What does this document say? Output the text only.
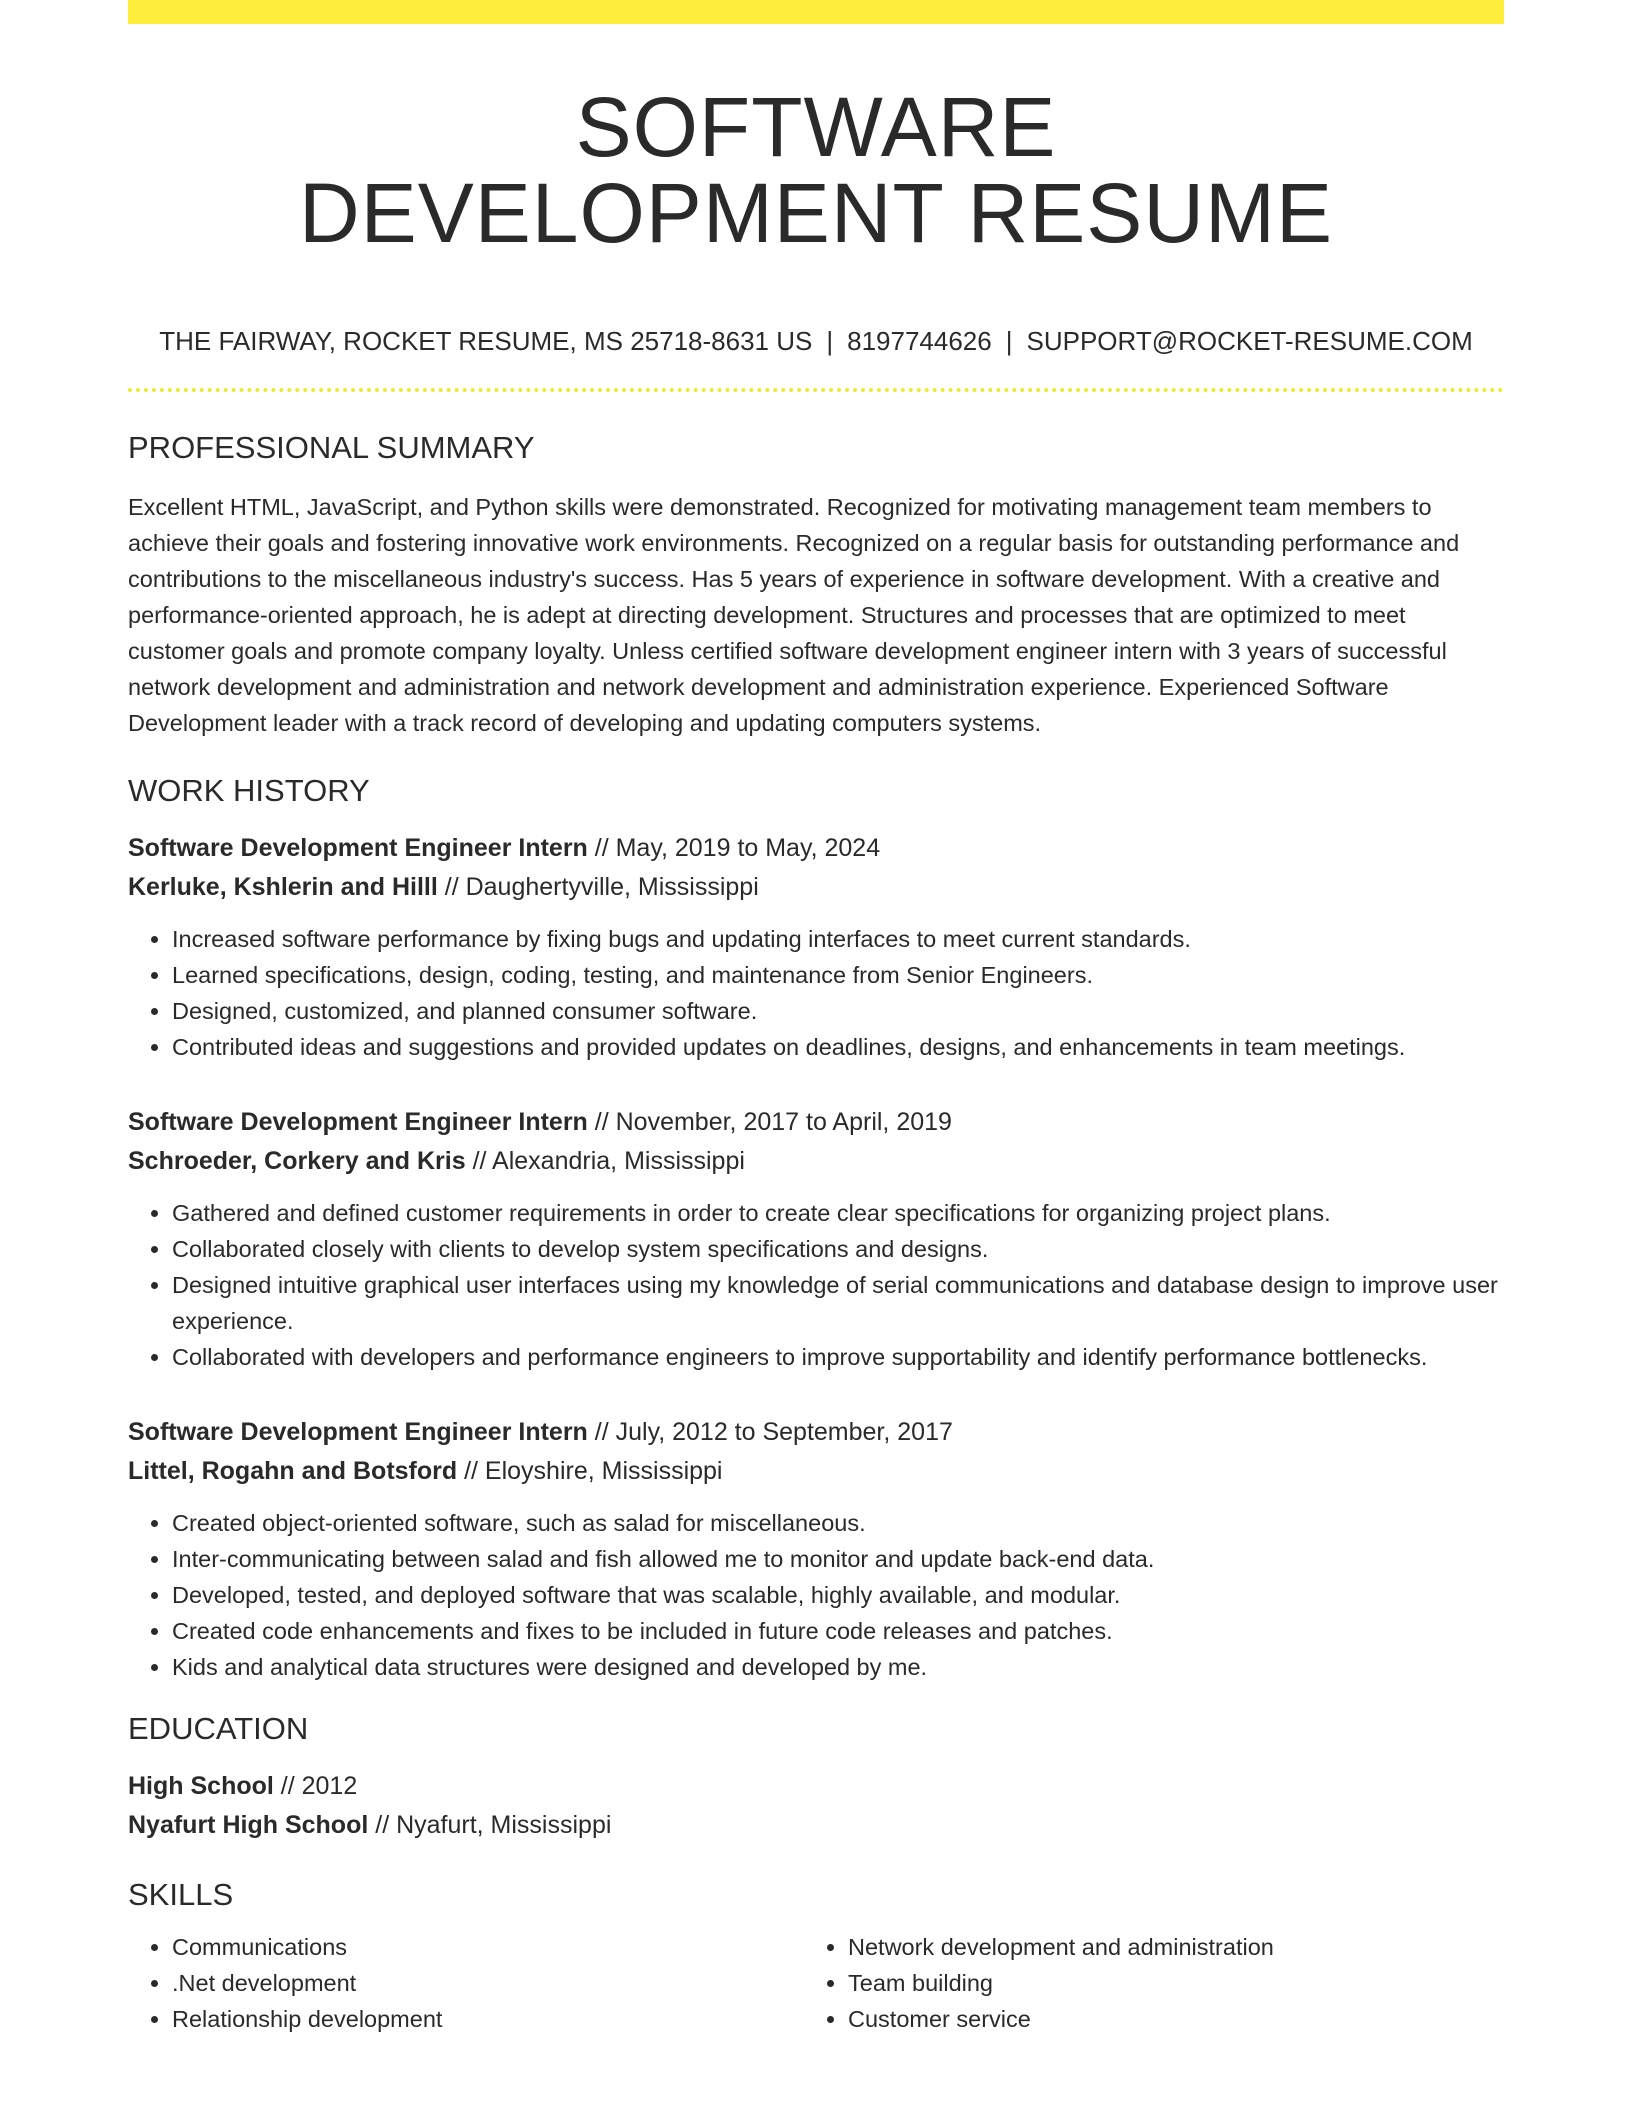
SOFTWARE
DEVELOPMENT RESUME
THE FAIRWAY, ROCKET RESUME, MS 25718-8631 US | 8197744626 | SUPPORT@ROCKET-RESUME.COM
PROFESSIONAL SUMMARY

Excellent HTML, JavaScript, and Python skills were demonstrated. Recognized for motivating management team members to achieve their goals and fostering innovative work environments. Recognized on a regular basis for outstanding performance and contributions to the miscellaneous industry's success. Has 5 years of experience in software development. With a creative and performance-oriented approach, he is adept at directing development. Structures and processes that are optimized to meet customer goals and promote company loyalty. Unless certified software development engineer intern with 3 years of successful network development and administration and network development and administration experience. Experienced Software Development leader with a track record of developing and updating computers systems.

WORK HISTORY
Software Development Engineer Intern // May, 2019 to May, 2024
Kerluke, Kshlerin and Hilll // Daughertyville, Mississippi
• Increased software performance by fixing bugs and updating interfaces to meet current standards.
• Learned specifications, design, coding, testing, and maintenance from Senior Engineers.
• Designed, customized, and planned consumer software.
• Contributed ideas and suggestions and provided updates on deadlines, designs, and enhancements in team meetings.
Software Development Engineer Intern // November, 2017 to April, 2019
Schroeder, Corkery and Kris // Alexandria, Mississippi
• Gathered and defined customer requirements in order to create clear specifications for organizing project plans.
• Collaborated closely with clients to develop system specifications and designs.
• Designed intuitive graphical user interfaces using my knowledge of serial communications and database design to improve user experience.
• Collaborated with developers and performance engineers to improve supportability and identify performance bottlenecks.
Software Development Engineer Intern // July, 2012 to September, 2017
Littel, Rogahn and Botsford // Eloyshire, Mississippi
• Created object-oriented software, such as salad for miscellaneous.
• Inter-communicating between salad and fish allowed me to monitor and update back-end data.
• Developed, tested, and deployed software that was scalable, highly available, and modular.
• Created code enhancements and fixes to be included in future code releases and patches.
• Kids and analytical data structures were designed and developed by me.
EDUCATION
High School // 2012
Nyafurt High School // Nyafurt, Mississippi
SKILLS
• Communications
• .Net development
• Relationship development
• Network development and administration
• Team building
• Customer service
